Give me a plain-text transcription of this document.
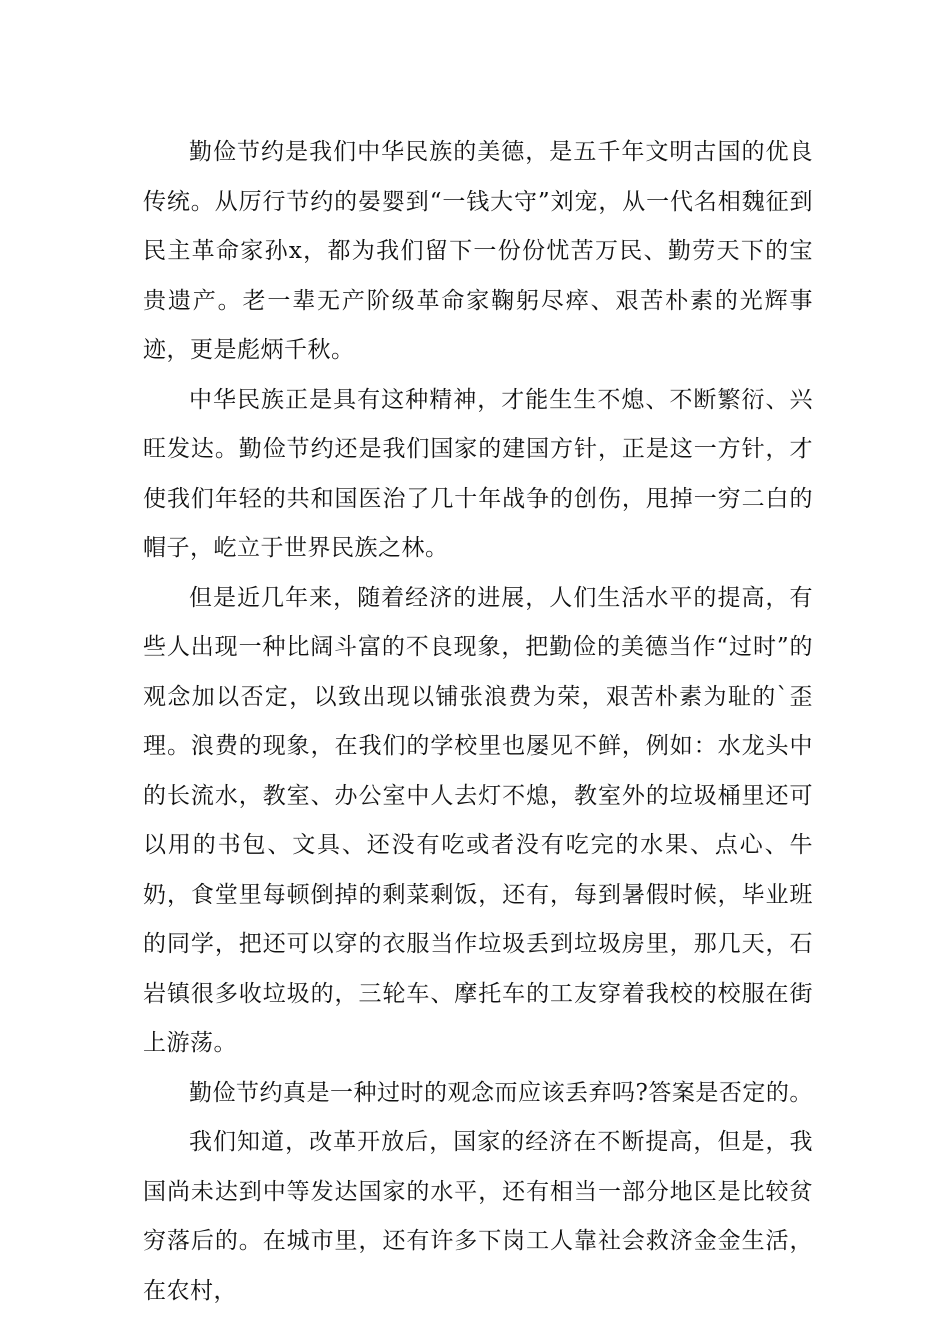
勤俭节约是我们中华民族的美德，是五千年文明古国的优良传统。从厉行节约的晏婴到“一钱大守”刘宠，从一代名相魏征到民主革命家孙x，都为我们留下一份份忧苦万民、勤劳天下的宝贵遗产。老一辈无产阶级革命家鞠躬尽瘁、艰苦朴素的光辉事迹，更是彪炳千秋。

中华民族正是具有这种精神，才能生生不熄、不断繁衍、兴旺发达。勤俭节约还是我们国家的建国方针，正是这一方针，才使我们年轻的共和国医治了几十年战争的创伤，甩掉一穷二白的帽子，屹立于世界民族之林。

但是近几年来，随着经济的进展，人们生活水平的提高，有些人出现一种比阔斗富的不良现象，把勤俭的美德当作“过时”的观念加以否定，以致出现以铺张浪费为荣，艰苦朴素为耻的`歪理。浪费的现象，在我们的学校里也屡见不鲜，例如：水龙头中的长流水，教室、办公室中人去灯不熄，教室外的垃圾桶里还可以用的书包、文具、还没有吃或者没有吃完的水果、点心、牛奶，食堂里每顿倒掉的剩菜剩饭，还有，每到暑假时候，毕业班的同学，把还可以穿的衣服当作垃圾丢到垃圾房里，那几天，石岩镇很多收垃圾的，三轮车、摩托车的工友穿着我校的校服在街上游荡。

勤俭节约真是一种过时的观念而应该丢弃吗?答案是否定的。

我们知道，改革开放后，国家的经济在不断提高，但是，我国尚未达到中等发达国家的水平，还有相当一部分地区是比较贫穷落后的。在城市里，还有许多下岗工人靠社会救济金金生活，在农村，
